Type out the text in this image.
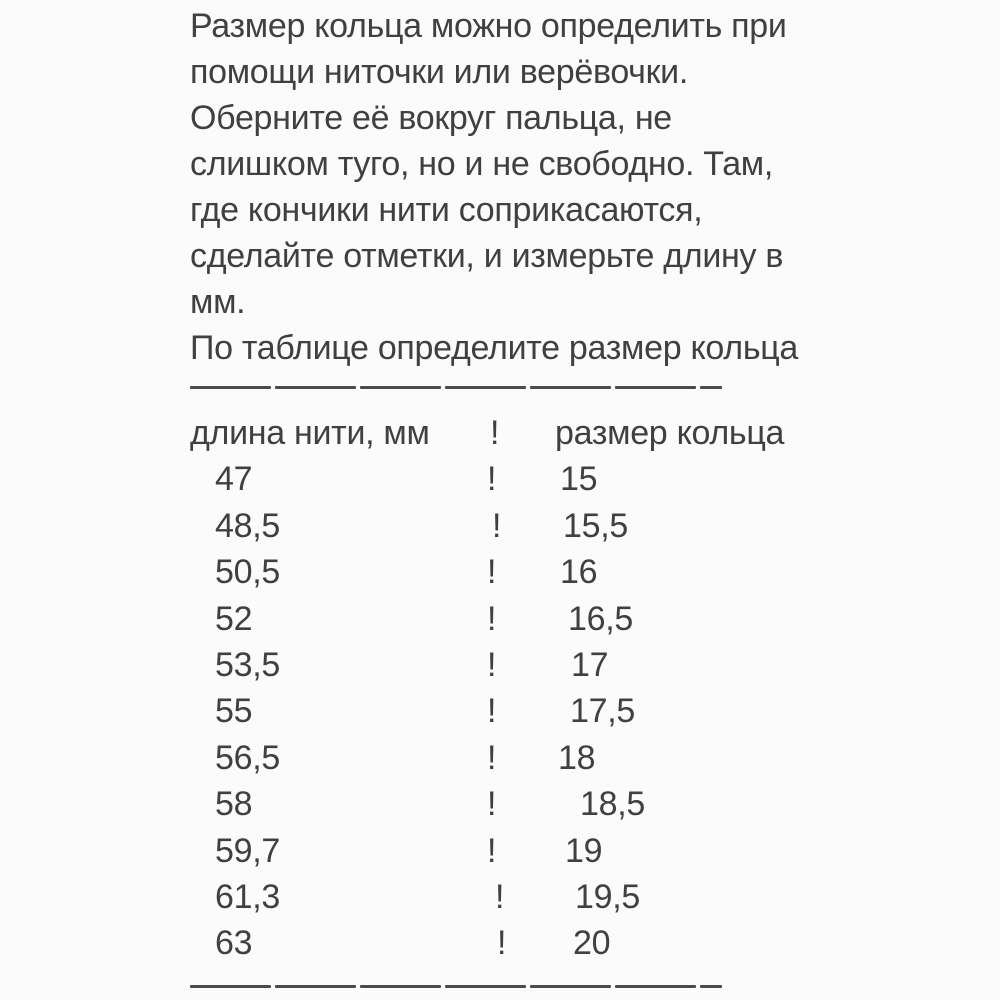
Размер кольца можно определить при
помощи ниточки или верёвочки.
Оберните её вокруг пальца, не
слишком туго, но и не свободно. Там,
где кончики нити соприкасаются,
сделайте отметки, и измерьте длину в
мм.
По таблице определите размер кольца
длина нити, мм ! размер кольца
47	! 15
48,5	! 15,5
50,5	! 16
52	! 16,5
53,5	! 17
55	! 17,5
56,5	! 18
58	! 18,5
59,7	! 19
61,3	! 19,5
63	! 20
